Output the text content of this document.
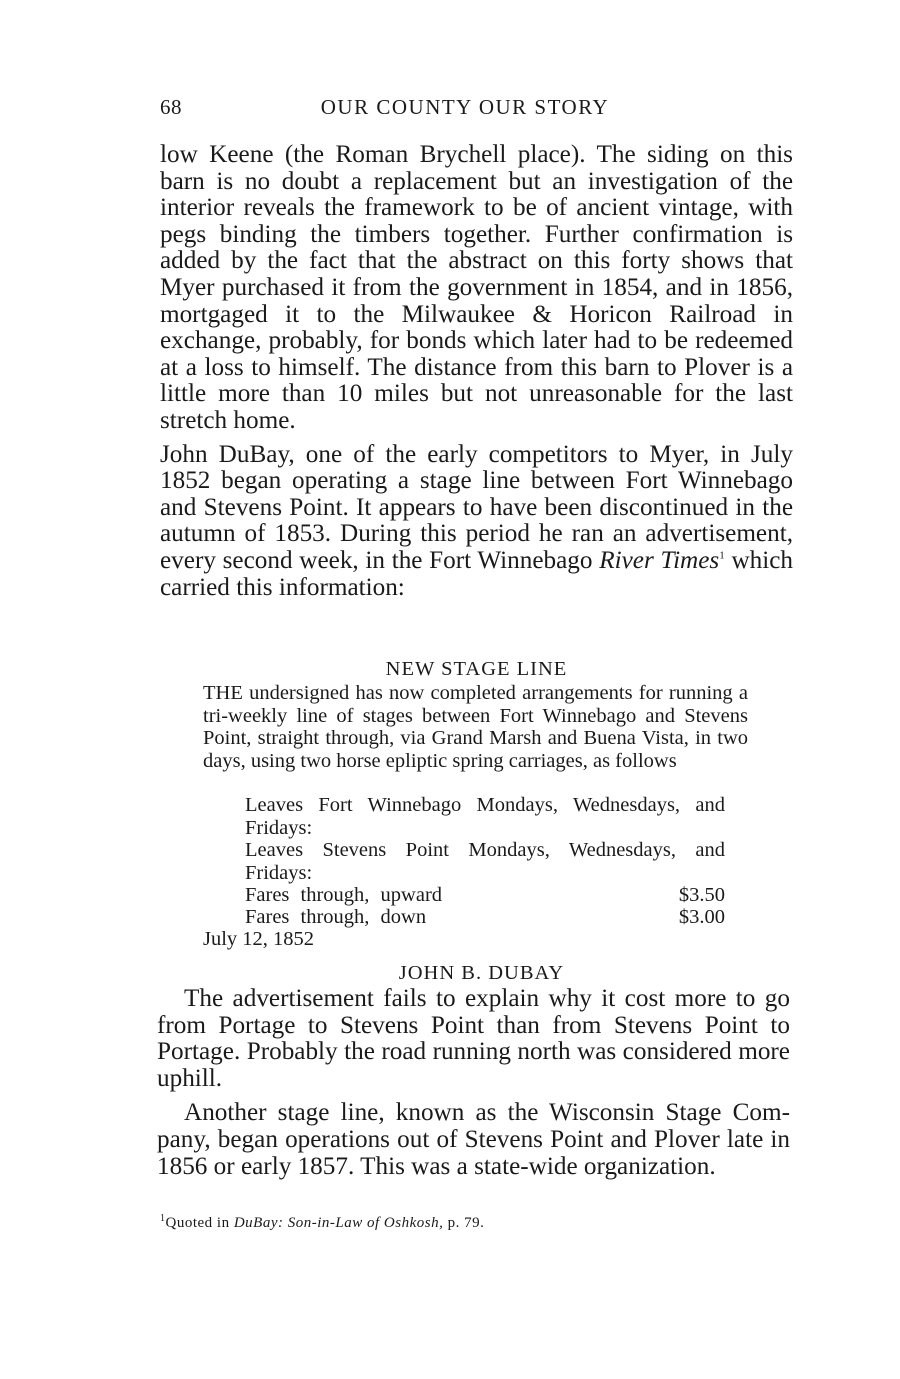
68	OUR COUNTY OUR STORY

low Keene (the Roman Brychell place). The siding on this barn is no doubt a replacement but an investigation of the interior reveals the framework to be of ancient vintage, with pegs binding the timbers together. Further confirmation is added by the fact that the abstract on this forty shows that Myer purchased it from the government in 1854, and in 1856, mortgaged it to the Milwaukee & Horicon Railroad in exchange, probably, for bonds which later had to be redeemed at a loss to himself. The distance from this barn to Plover is a little more than 10 miles but not unreasonable for the last stretch home.

John DuBay, one of the early competitors to Myer, in July 1852 began operating a stage line between Fort Winnebago and Stevens Point. It appears to have been discontinued in the autumn of 1853. During this period he ran an advertisement, every second week, in the Fort Winnebago River Times$^1$ which carried this information:

NEW STAGE LINE
THE undersigned has now completed arrangements for running a tri-weekly line of stages between Fort Winnebago and Stevens Point, straight through, via Grand Marsh and Buena Vista, in two days, using two horse epliptic spring carriages, as follows
Leaves Fort Winnebago Mondays, Wednesdays, and Fridays:
Leaves Stevens Point Mondays, Wednesdays, and Fridays:
Fares through, upward	$3.50
Fares through, down	$3.00
July 12, 1852
JOHN B. DUBAY

The advertisement fails to explain why it cost more to go from Portage to Stevens Point than from Stevens Point to Portage. Probably the road running north was considered more uphill.

Another stage line, known as the Wisconsin Stage Company, began operations out of Stevens Point and Plover late in 1856 or early 1857. This was a state-wide organization.

$^1$Quoted in DuBay: Son-in-Law of Oshkosh, p. 79.
